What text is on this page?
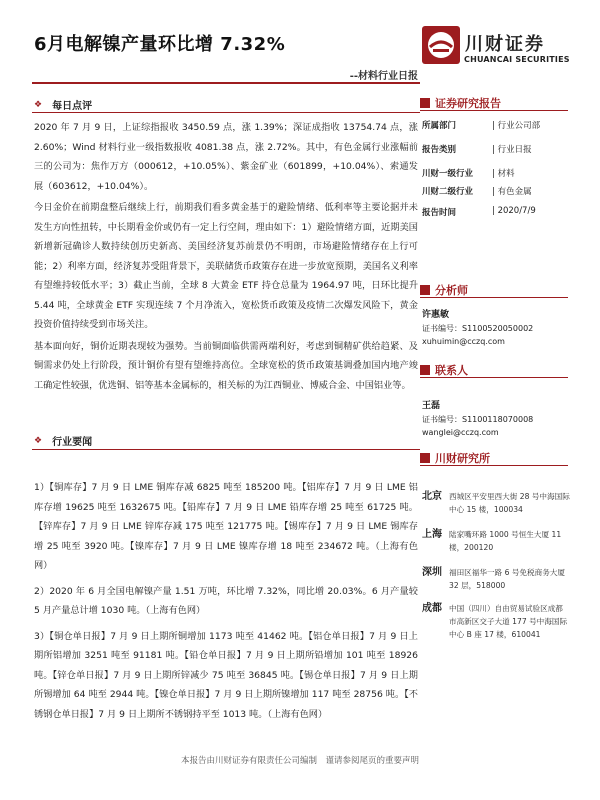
6月电解镍产量环比增 7.32%
--材料行业日报
川财证券
CHUANCAI SECURITIES
❖ 每日点评

2020 年 7 月 9 日，上证综指报收 3450.59 点，涨 1.39%；深证成指收 13754.74 点，涨 2.60%；Wind 材料行业一级指数报收 4081.38 点，涨 2.72%。其中，有色金属行业涨幅前三的公司为：焦作万方（000612，+10.05%）、紫金矿业（601899，+10.04%）、索通发展（603612，+10.04%）。

今日金价在前期盘整后继续上行，前期我们看多黄金基于的避险情绪、低利率等主要论据并未发生方向性扭转，中长期看金价或仍有一定上行空间，理由如下：1）避险情绪方面，近期美国新增新冠确诊人数持续创历史新高、美国经济复苏前景仍不明朗，市场避险情绪存在上行可能；2）利率方面，经济复苏受阻背景下，美联储货币政策存在进一步放宽预期，美国名义利率有望维持较低水平；3）截止当前，全球 8 大黄金 ETF 持仓总量为 1964.97 吨，日环比提升 5.44 吨，全球黄金 ETF 实现连续 7 个月净流入，宽松货币政策及疫情二次爆发风险下，黄金投资价值持续受到市场关注。

基本面向好，铜价近期表现较为强势。当前铜面临供需两端利好，考虑到铜精矿供给趋紧、及铜需求仍处上行阶段，预计铜价有望有望维持高位。全球宽松的货币政策基调叠加国内地产竣工确定性较强，优选铜、铝等基本金属标的，相关标的为江西铜业、博威合金、中国铝业等。

❖ 行业要闻

1）【铜库存】7 月 9 日 LME 铜库存减 6825 吨至 185200 吨。【铝库存】7 月 9 日 LME 铝库存增 19625 吨至 1632675 吨。【铅库存】7 月 9 日 LME 铅库存增 25 吨至 61725 吨。【锌库存】7 月 9 日 LME 锌库存减 175 吨至 121775 吨。【锡库存】7 月 9 日 LME 锡库存增 25 吨至 3920 吨。【镍库存】7 月 9 日 LME 镍库存增 18 吨至 234672 吨。（上海有色网）

2）2020 年 6 月全国电解镍产量 1.51 万吨，环比增 7.32%，同比增 20.03%。6 月产量较 5 月产量总计增 1030 吨。（上海有色网）

3）【铜仓单日报】7 月 9 日上期所铜增加 1173 吨至 41462 吨。【铝仓单日报】7 月 9 日上期所铝增加 3251 吨至 91181 吨。【铅仓单日报】7 月 9 日上期所铅增加 101 吨至 18926 吨。【锌仓单日报】7 月 9 日上期所锌减少 75 吨至 36845 吨。【锡仓单日报】7 月 9 日上期所锡增加 64 吨至 2944 吨。【镍仓单日报】7 月 9 日上期所镍增加 117 吨至 28756 吨。【不锈钢仓单日报】7 月 9 日上期所不锈钢持平至 1013 吨。（上海有色网）

证券研究报告
所属部门	| 行业公司部
报告类别	| 行业日报
川财一级行业	| 材料
川财二级行业	| 有色金属
报告时间	| 2020/7/9
分析师
许惠敏
证书编号：S1100520050002
xuhuimin@cczq.com
联系人
王磊
证书编号：S1100118070008
wanglei@cczq.com
川财研究所
北京 西城区平安里西大街 28 号中海国际中心 15 楼，100034
上海 陆家嘴环路 1000 号恒生大厦 11 楼，200120
深圳 福田区福华一路 6 号免税商务大厦 32 层，518000
成都 中国（四川）自由贸易试验区成都市高新区交子大道 177 号中海国际中心 B 座 17 楼，610041
本报告由川财证券有限责任公司编制　谨请参阅尾页的重要声明
